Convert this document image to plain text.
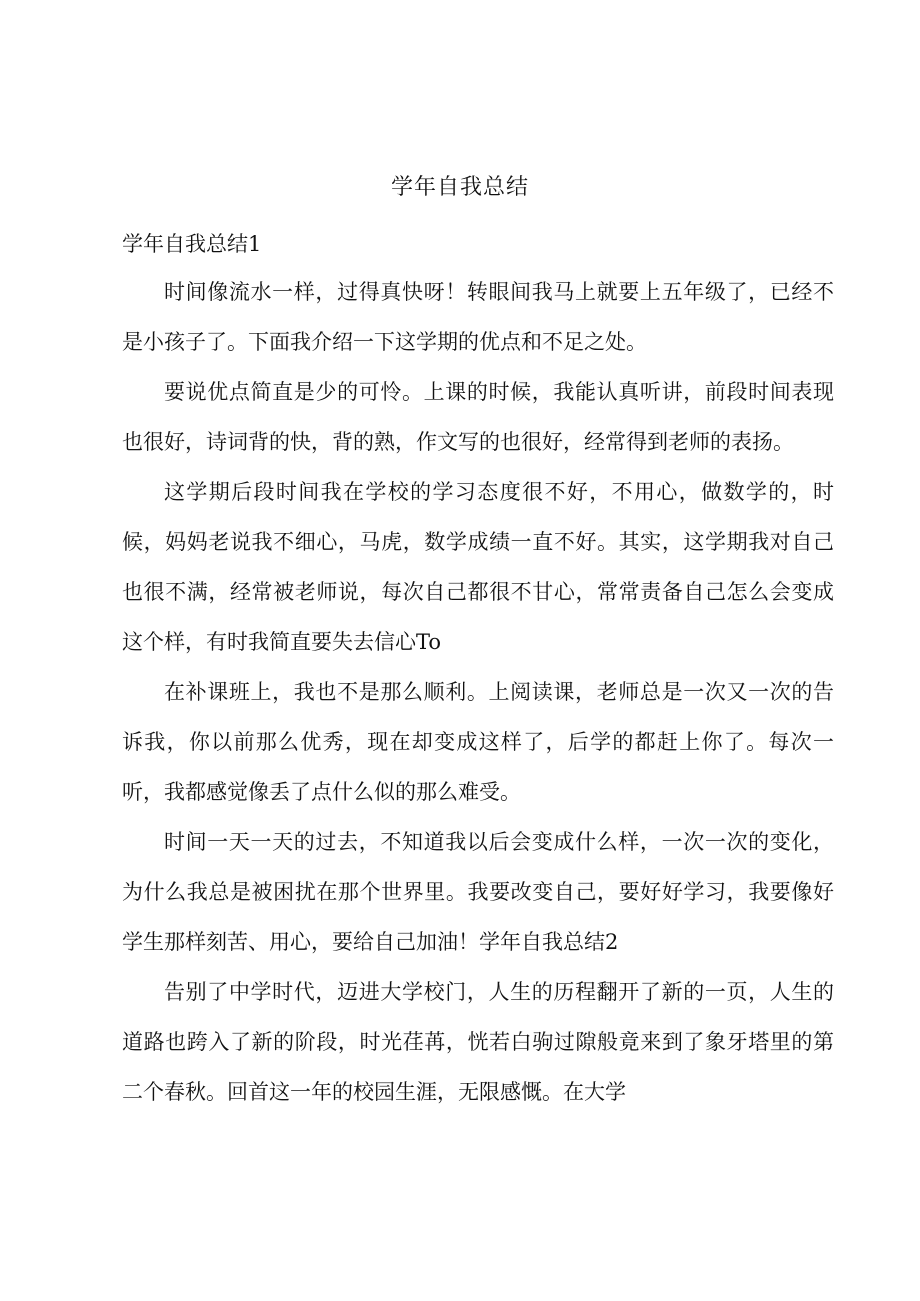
学年自我总结
学年自我总结1

时间像流水一样，过得真快呀！转眼间我马上就要上五年级了，已经不是小孩子了。下面我介绍一下这学期的优点和不足之处。

要说优点简直是少的可怜。上课的时候，我能认真听讲，前段时间表现也很好，诗词背的快，背的熟，作文写的也很好，经常得到老师的表扬。

这学期后段时间我在学校的学习态度很不好，不用心，做数学的，时候，妈妈老说我不细心，马虎，数学成绩一直不好。其实，这学期我对自己也很不满，经常被老师说，每次自己都很不甘心，常常责备自己怎么会变成这个样，有时我简直要失去信心To

在补课班上，我也不是那么顺利。上阅读课，老师总是一次又一次的告诉我，你以前那么优秀，现在却变成这样了，后学的都赶上你了。每次一听，我都感觉像丢了点什么似的那么难受。

时间一天一天的过去，不知道我以后会变成什么样，一次一次的变化，为什么我总是被困扰在那个世界里。我要改变自己，要好好学习，我要像好学生那样刻苦、用心，要给自己加油！学年自我总结2

告别了中学时代，迈进大学校门，人生的历程翻开了新的一页，人生的道路也跨入了新的阶段，时光荏苒，恍若白驹过隙般竟来到了象牙塔里的第二个春秋。回首这一年的校园生涯，无限感慨。在大学
